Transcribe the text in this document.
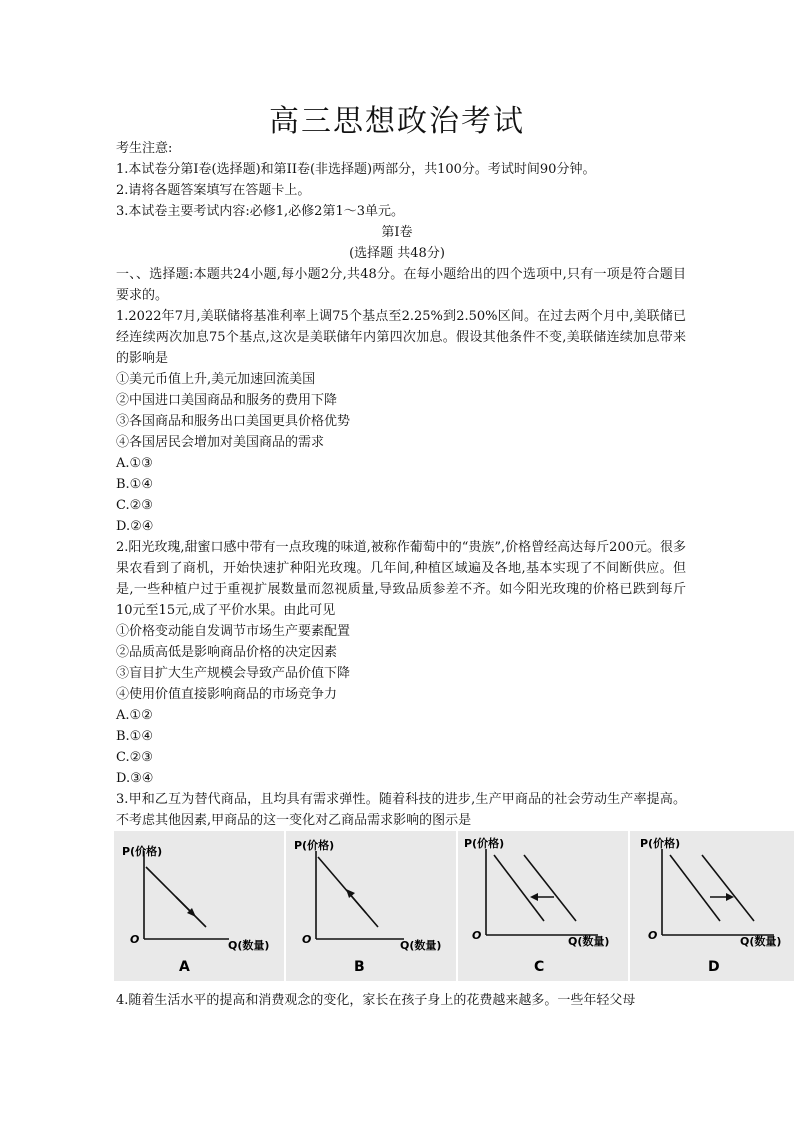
高三思想政治考试
考生注意:
1.本试卷分第I卷(选择题)和第II卷(非选择题)两部分，共100分。考试时间90分钟。
2.请将各题答案填写在答题卡上。
3.本试卷主要考试内容:必修1,必修2第1～3单元。
第I卷
(选择题 共48分)
一、、选择题:本题共24小题,每小题2分,共48分。在每小题给出的四个选项中,只有一项是符合题目要求的。
1.2022年7月,美联储将基准利率上调75个基点至2.25%到2.50%区间。在过去两个月中,美联储已经连续两次加息75个基点,这次是美联储年内第四次加息。假设其他条件不变,美联储连续加息带来的影响是
①美元币值上升,美元加速回流美国
②中国进口美国商品和服务的费用下降
③各国商品和服务出口美国更具价格优势
④各国居民会增加对美国商品的需求
A.①③
B.①④
C.②③
D.②④
2.阳光玫瑰,甜蜜口感中带有一点玫瑰的味道,被称作葡萄中的“贵族”,价格曾经高达每斤200元。很多果农看到了商机，开始快速扩种阳光玫瑰。几年间,种植区域遍及各地,基本实现了不间断供应。但是,一些种植户过于重视扩展数量而忽视质量,导致品质参差不齐。如今阳光玫瑰的价格已跌到每斤10元至15元,成了平价水果。由此可见
①价格变动能自发调节市场生产要素配置
②品质高低是影响商品价格的决定因素
③盲目扩大生产规模会导致产品价值下降
④使用价值直接影响商品的市场竞争力
A.①②
B.①④
C.②③
D.③④
3.甲和乙互为替代商品，且均具有需求弹性。随着科技的进步,生产甲商品的社会劳动生产率提高。不考虑其他因素,甲商品的这一变化对乙商品需求影响的图示是
P(价格)
O	Q(数量)
A
P(价格)
O	Q(数量)
B
P(价格)
O	Q(数量)
C
P(价格)
O	Q(数量)
D
4.随着生活水平的提高和消费观念的变化，家长在孩子身上的花费越来越多。一些年轻父母
